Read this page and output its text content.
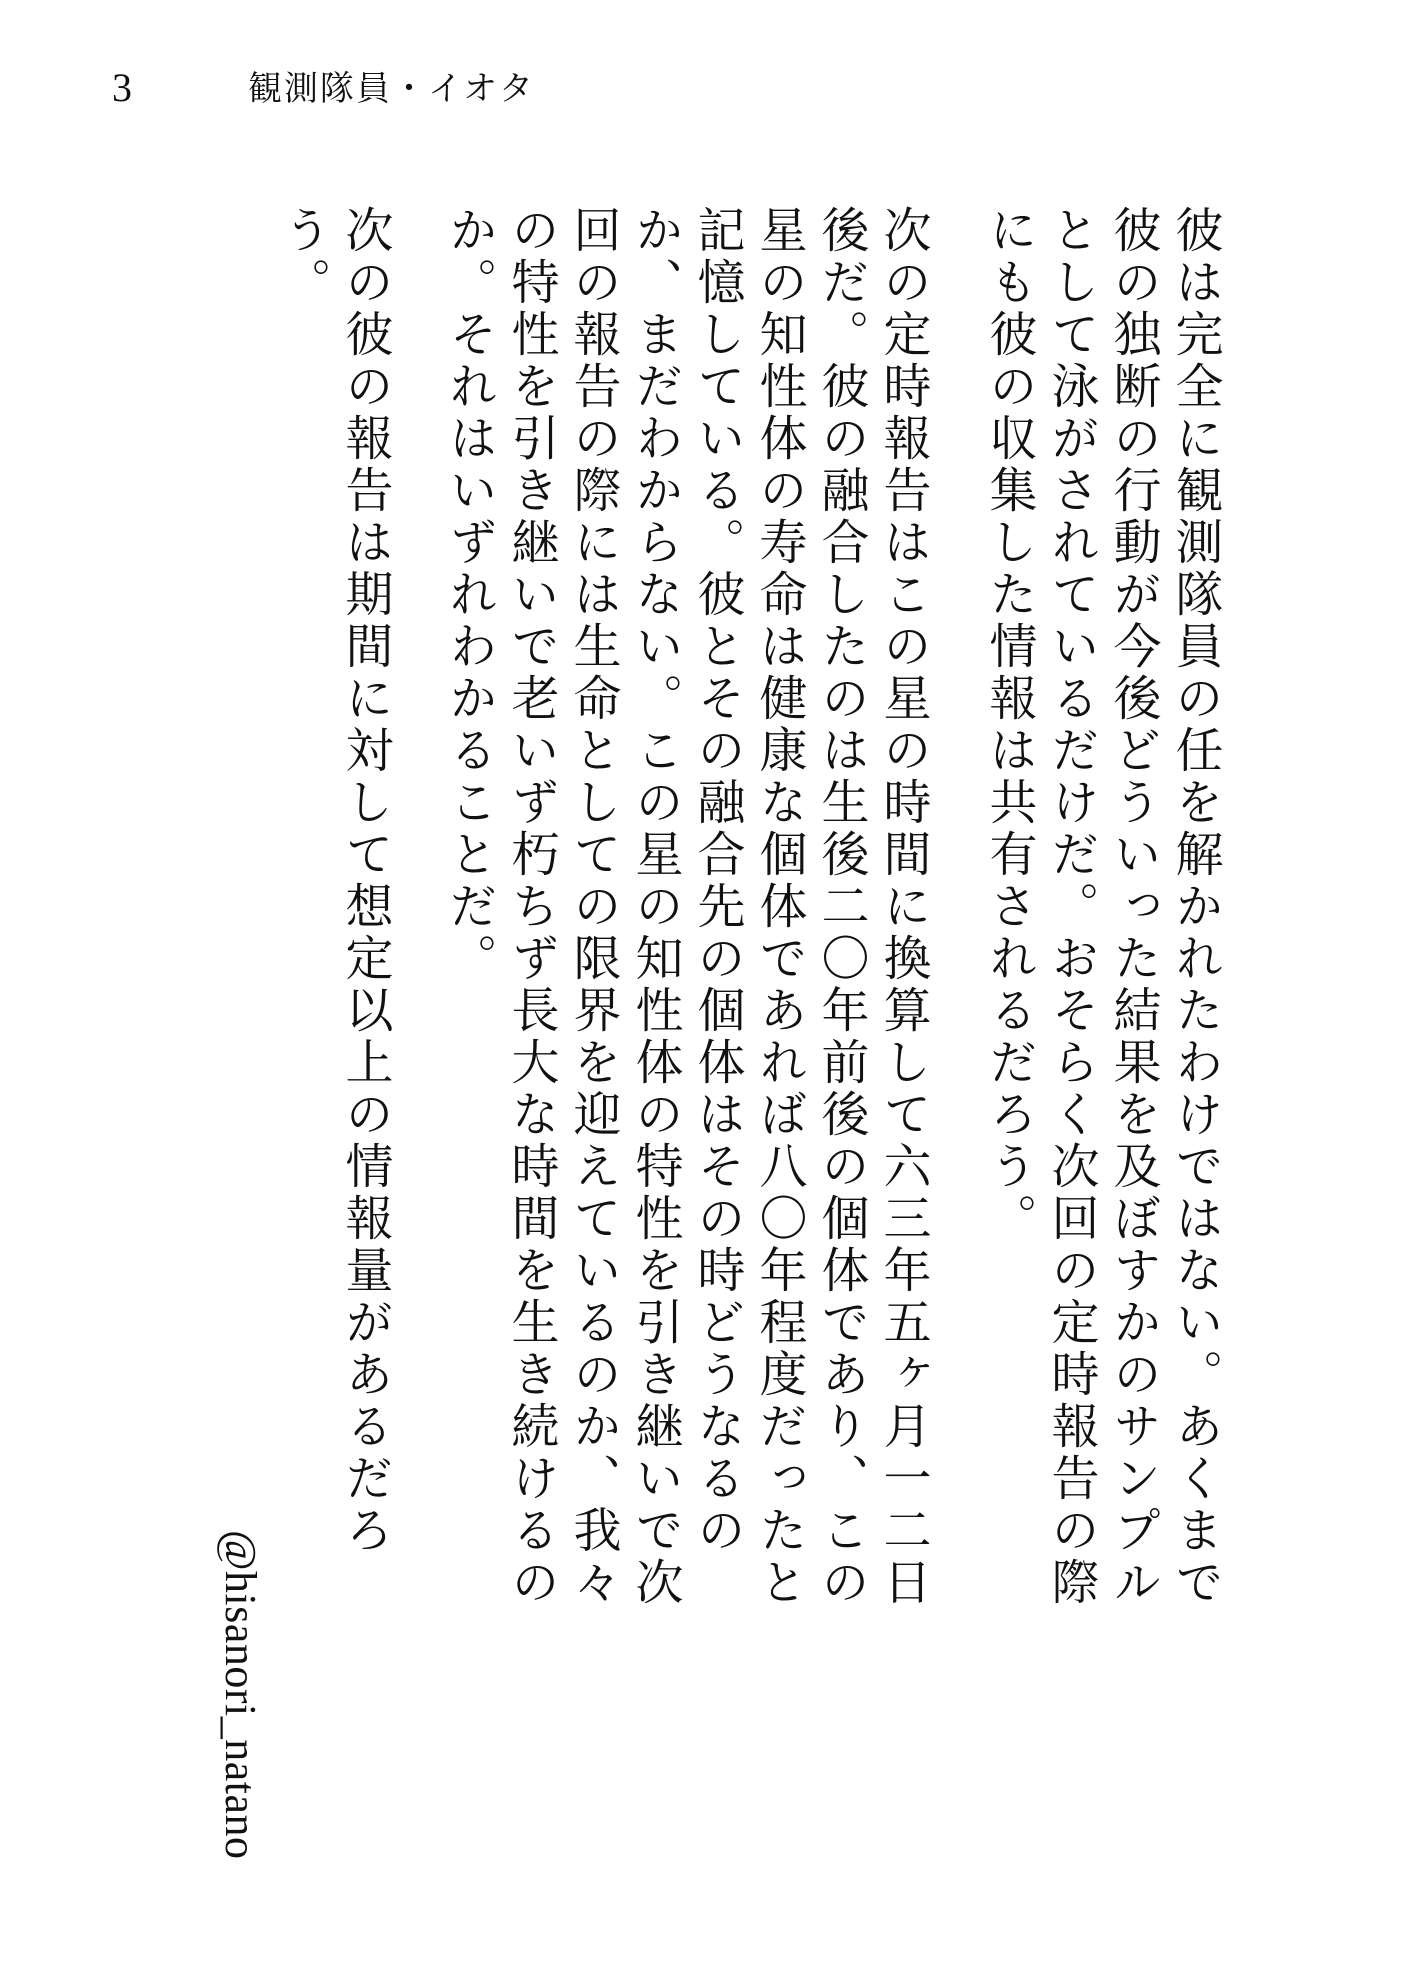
3	観測隊員・イオタ

彼は完全に観測隊員の任を解かれたわけではない。あくまで彼の独断の行動が今後どういった結果を及ぼすかのサンプルとして泳がされているだけだ。おそらく次回の定時報告の際にも彼の収集した情報は共有されるだろう。

次の定時報告はこの星の時間に換算して六三年五ヶ月一二日後だ。彼の融合したのは生後二〇年前後の個体であり、この星の知性体の寿命は健康な個体であれば八〇年程度だったと記憶している。彼とその融合先の個体はその時どうなるのか、まだわからない。この星の知性体の特性を引き継いで次回の報告の際には生命としての限界を迎えているのか、我々の特性を引き継いで老いず朽ちず長大な時間を生き続けるのか。それはいずれわかることだ。

次の彼の報告は期間に対して想定以上の情報量があるだろう。

@hisanori_natano
